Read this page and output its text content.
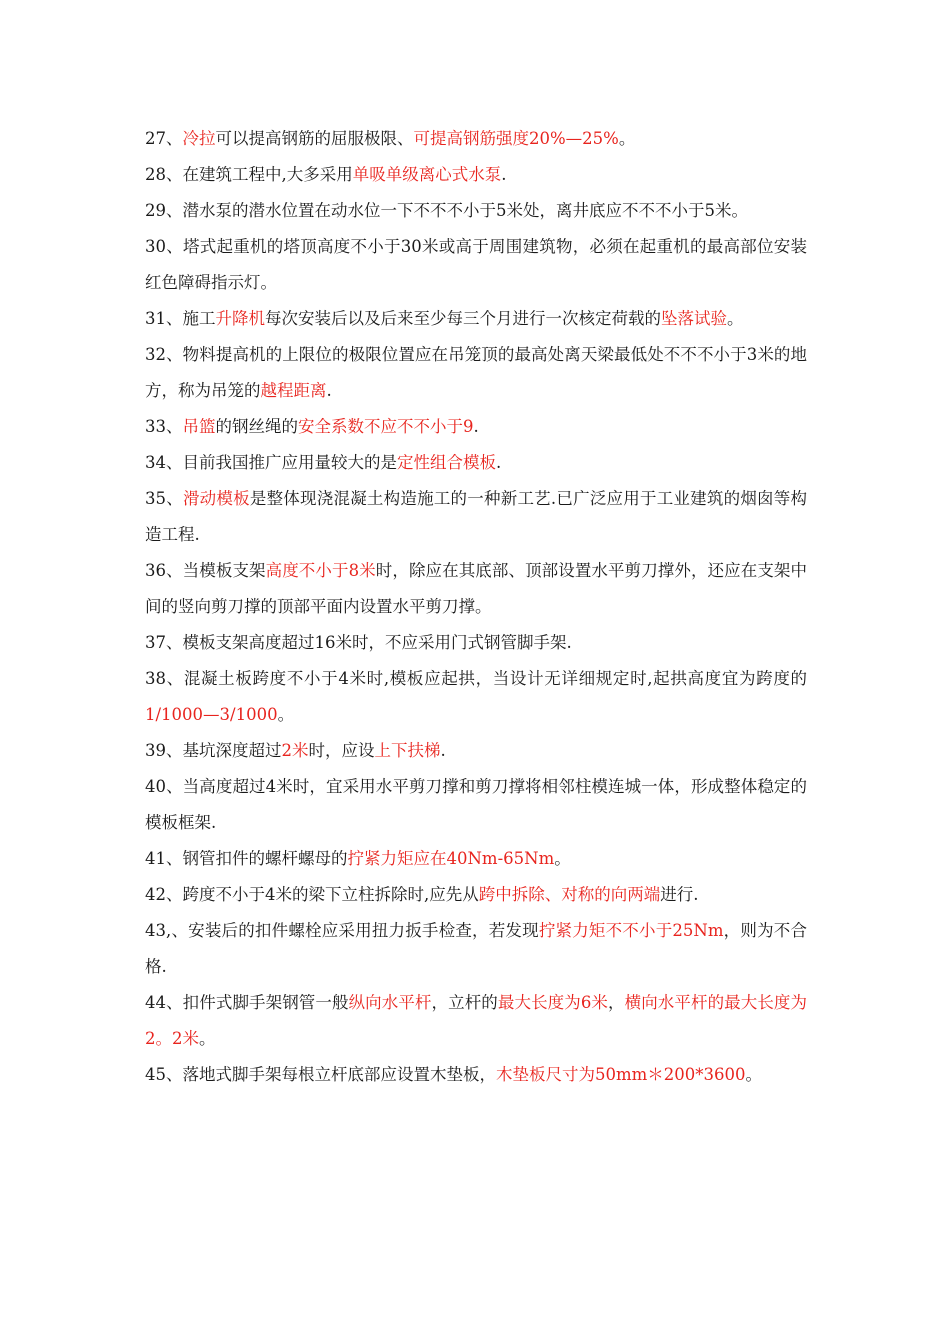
27、冷拉可以提高钢筋的屈服极限、可提高钢筋强度20%—25%。

28、在建筑工程中,大多采用单吸单级离心式水泵.

29、潜水泵的潜水位置在动水位一下不不不小于5米处，离井底应不不不小于5米。

30、塔式起重机的塔顶高度不小于30米或高于周围建筑物，必须在起重机的最高部位安装红色障碍指示灯。

31、施工升降机每次安装后以及后来至少每三个月进行一次核定荷载的坠落试验。

32、物料提高机的上限位的极限位置应在吊笼顶的最高处离天梁最低处不不不小于3米的地方，称为吊笼的越程距离.

33、吊篮的钢丝绳的安全系数不应不不小于9.

34、目前我国推广应用量较大的是定性组合模板.

35、滑动模板是整体现浇混凝土构造施工的一种新工艺.已广泛应用于工业建筑的烟囱等构造工程.

36、当模板支架高度不小于8米时，除应在其底部、顶部设置水平剪刀撑外，还应在支架中间的竖向剪刀撑的顶部平面内设置水平剪刀撑。

37、模板支架高度超过16米时，不应采用门式钢管脚手架.

38、混凝土板跨度不小于4米时,模板应起拱，当设计无详细规定时,起拱高度宜为跨度的1/1000—3/1000。

39、基坑深度超过2米时，应设上下扶梯.

40、当高度超过4米时，宜采用水平剪刀撑和剪刀撑将相邻柱模连城一体，形成整体稳定的模板框架.

41、钢管扣件的螺杆螺母的拧紧力矩应在40Nm-65Nm。

42、跨度不小于4米的梁下立柱拆除时,应先从跨中拆除、对称的向两端进行.

43,、安装后的扣件螺栓应采用扭力扳手检查，若发现拧紧力矩不不小于25Nm，则为不合格.

44、扣件式脚手架钢管一般纵向水平杆，立杆的最大长度为6米，横向水平杆的最大长度为2。2米。

45、落地式脚手架每根立杆底部应设置木垫板，木垫板尺寸为50mm＊200*3600。
